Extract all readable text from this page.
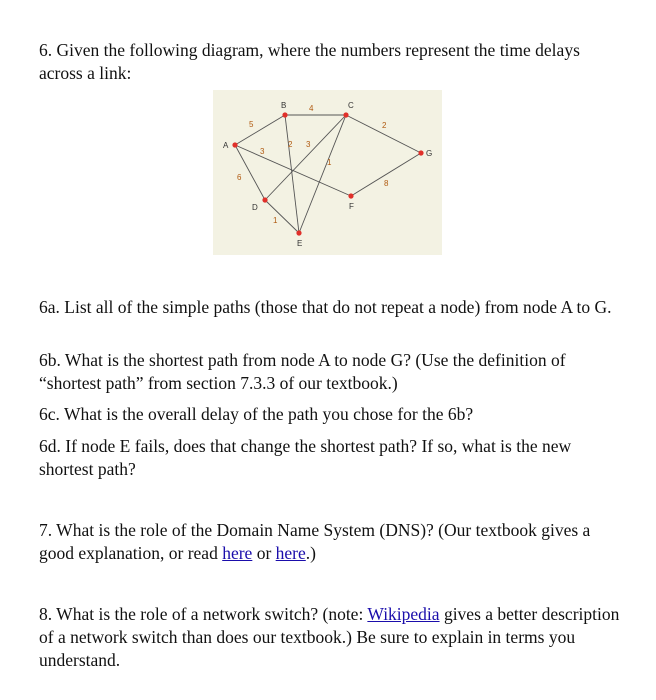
6. Given the following diagram, where the numbers represent the time delays across a link:

A
B	C
D
E
F
G
5
4
2
3
6
2 3
1
1
8

6a. List all of the simple paths (those that do not repeat a node) from node A to G.

6b. What is the shortest path from node A to node G? (Use the definition of “shortest path” from section 7.3.3 of our textbook.)

6c. What is the overall delay of the path you chose for the 6b?

6d. If node E fails, does that change the shortest path? If so, what is the new shortest path?

7. What is the role of the Domain Name System (DNS)? (Our textbook gives a good explanation, or read here or here.)

8. What is the role of a network switch? (note: Wikipedia gives a better description of a network switch than does our textbook.) Be sure to explain in terms you understand.
